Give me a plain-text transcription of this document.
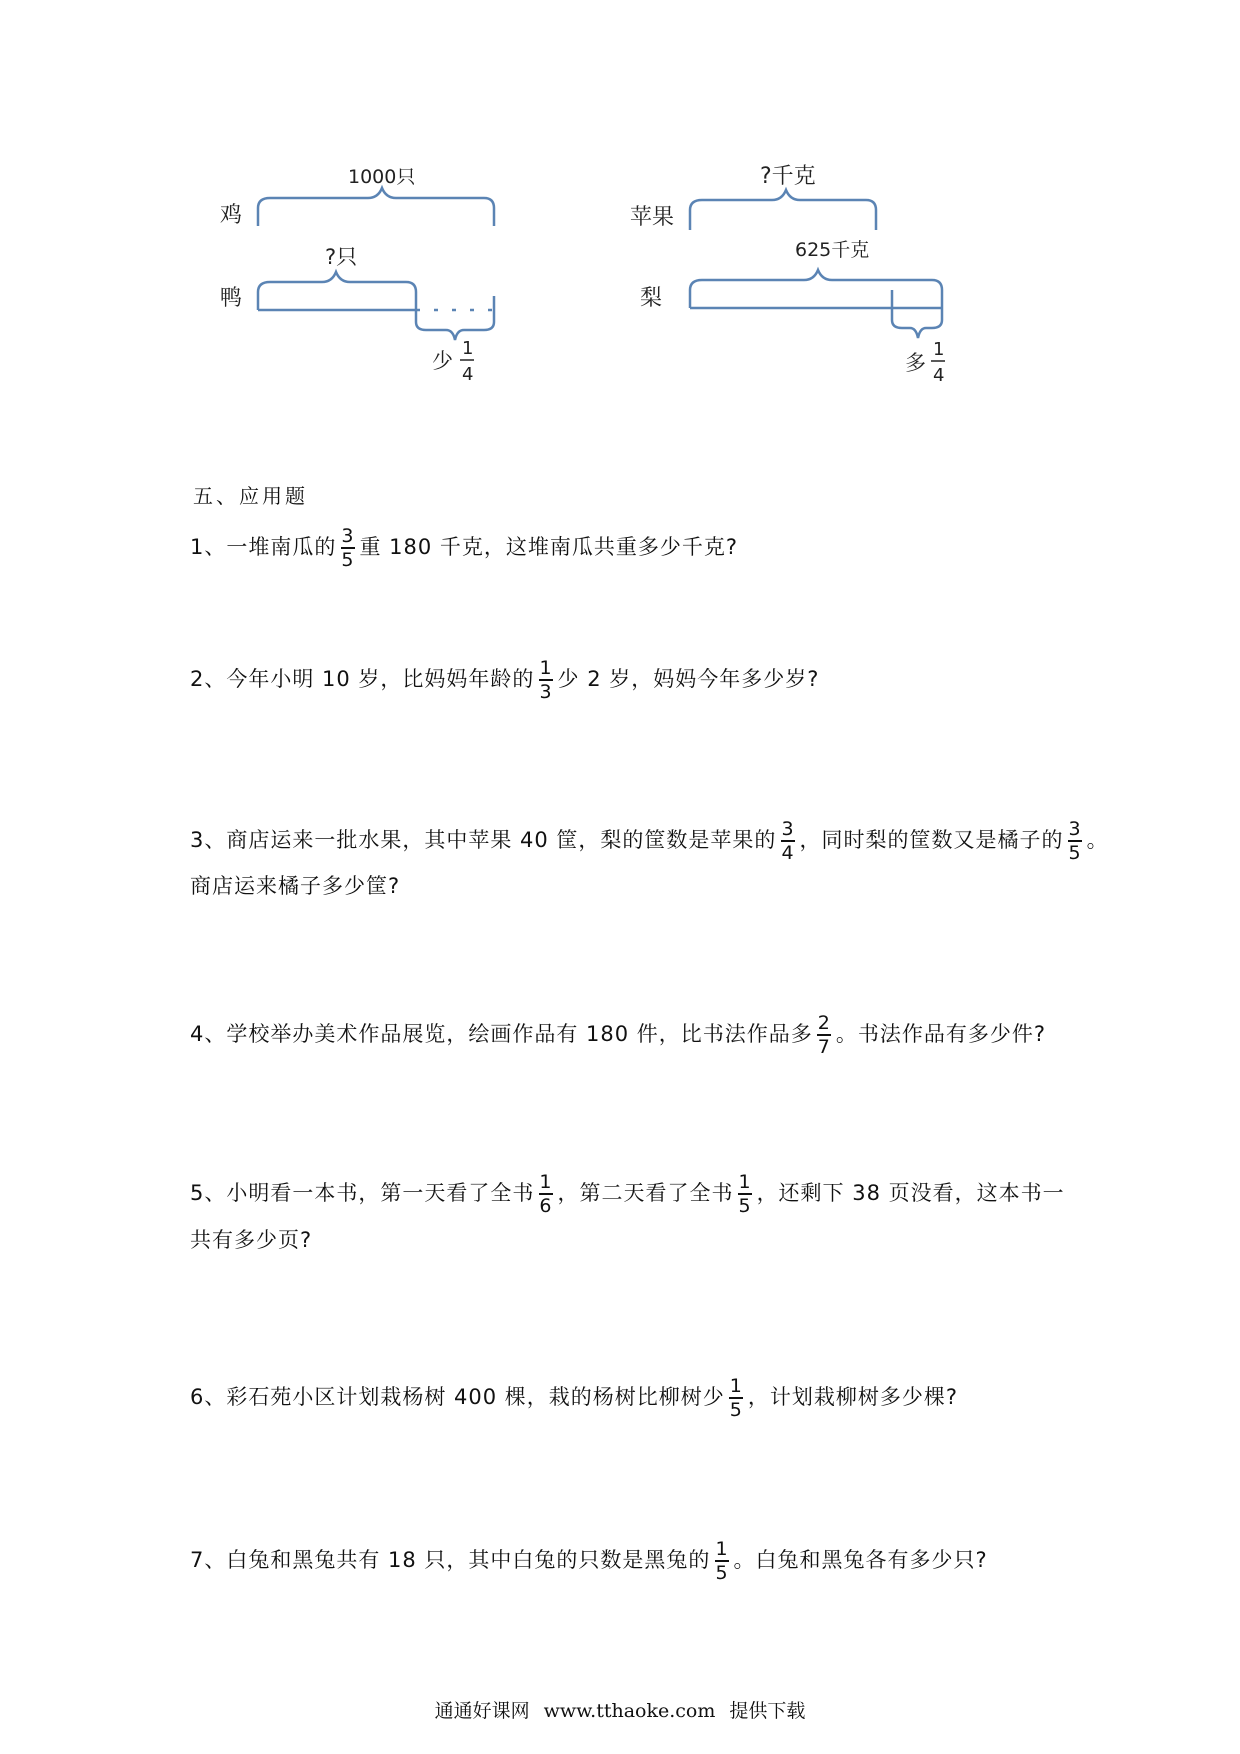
鸡
1000只
鸭
?只
少
1
4
苹果
?千克
梨
625千克
多
1
4
五、应用题
1、一堆南瓜的 $\frac{3}{5}$ 重 180 千克，这堆南瓜共重多少千克?
2、今年小明 10 岁，比妈妈年龄的 $\frac{1}{3}$ 少 2 岁，妈妈今年多少岁?
3、商店运来一批水果，其中苹果 40 筐，梨的筐数是苹果的 $\frac{3}{4}$ ，同时梨的筐数又是橘子的 $\frac{3}{5}$ 。
商店运来橘子多少筐?
4、学校举办美术作品展览，绘画作品有 180 件，比书法作品多 $\frac{2}{7}$ 。书法作品有多少件?
5、小明看一本书，第一天看了全书 $\frac{1}{6}$ ，第二天看了全书 $\frac{1}{5}$ ，还剩下 38 页没看，这本书一
共有多少页?
6、彩石苑小区计划栽杨树 400 棵，栽的杨树比柳树少 $\frac{1}{5}$ ，计划栽柳树多少棵?
7、白兔和黑兔共有 18 只，其中白兔的只数是黑兔的 $\frac{1}{5}$ 。白兔和黑兔各有多少只?
通通好课网 www.tthaoke.com 提供下载
